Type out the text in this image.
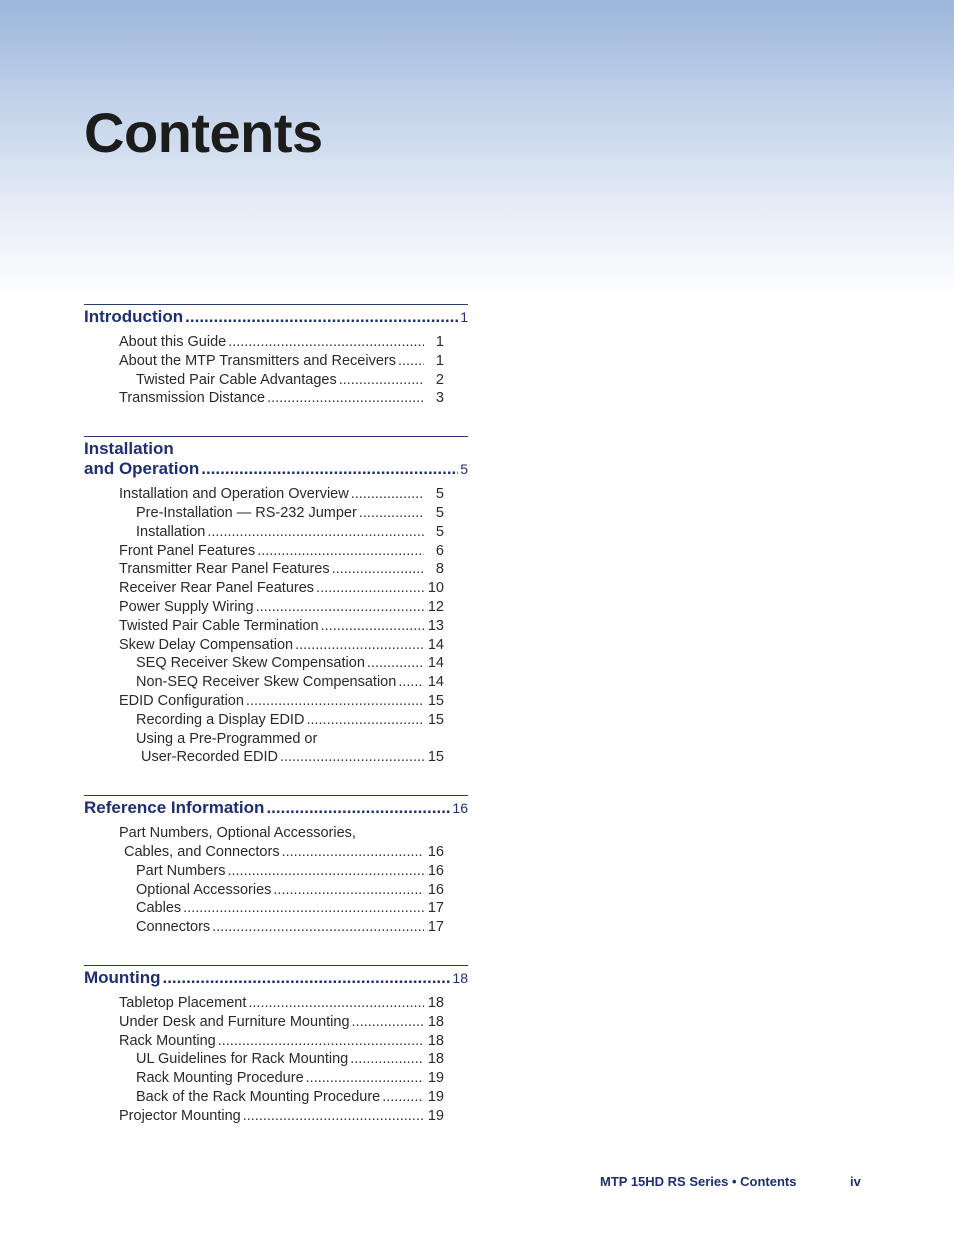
Contents
Introduction .....	1
About this Guide .....	1
About the MTP Transmitters and Receivers .....	1
Twisted Pair Cable Advantages .....	2
Transmission Distance .....	3
Installation
and Operation .....	5
Installation and Operation Overview .....	5
Pre-Installation — RS-232 Jumper .....	5
Installation .....	5
Front Panel Features .....	6
Transmitter Rear Panel Features .....	8
Receiver Rear Panel Features .....	10
Power Supply Wiring .....	12
Twisted Pair Cable Termination .....	13
Skew Delay Compensation .....	14
SEQ Receiver Skew Compensation .....	14
Non-SEQ Receiver Skew Compensation ..... 14
EDID Configuration .....	15
Recording a Display EDID .....	15
Using a Pre-Programmed or
User-Recorded EDID .....	15
Reference Information .....	16
Part Numbers, Optional Accessories,
Cables, and Connectors .....	16
Part Numbers .....	16
Optional Accessories .....	16
Cables .....	17
Connectors .....	17
Mounting .....	18
Tabletop Placement .....	18
Under Desk and Furniture Mounting .....	18
Rack Mounting .....	18
UL Guidelines for Rack Mounting .....	18
Rack Mounting Procedure .....	19
Back of the Rack Mounting Procedure .....	19
Projector Mounting .....	19
MTP 15HD RS Series • Contents	iv
